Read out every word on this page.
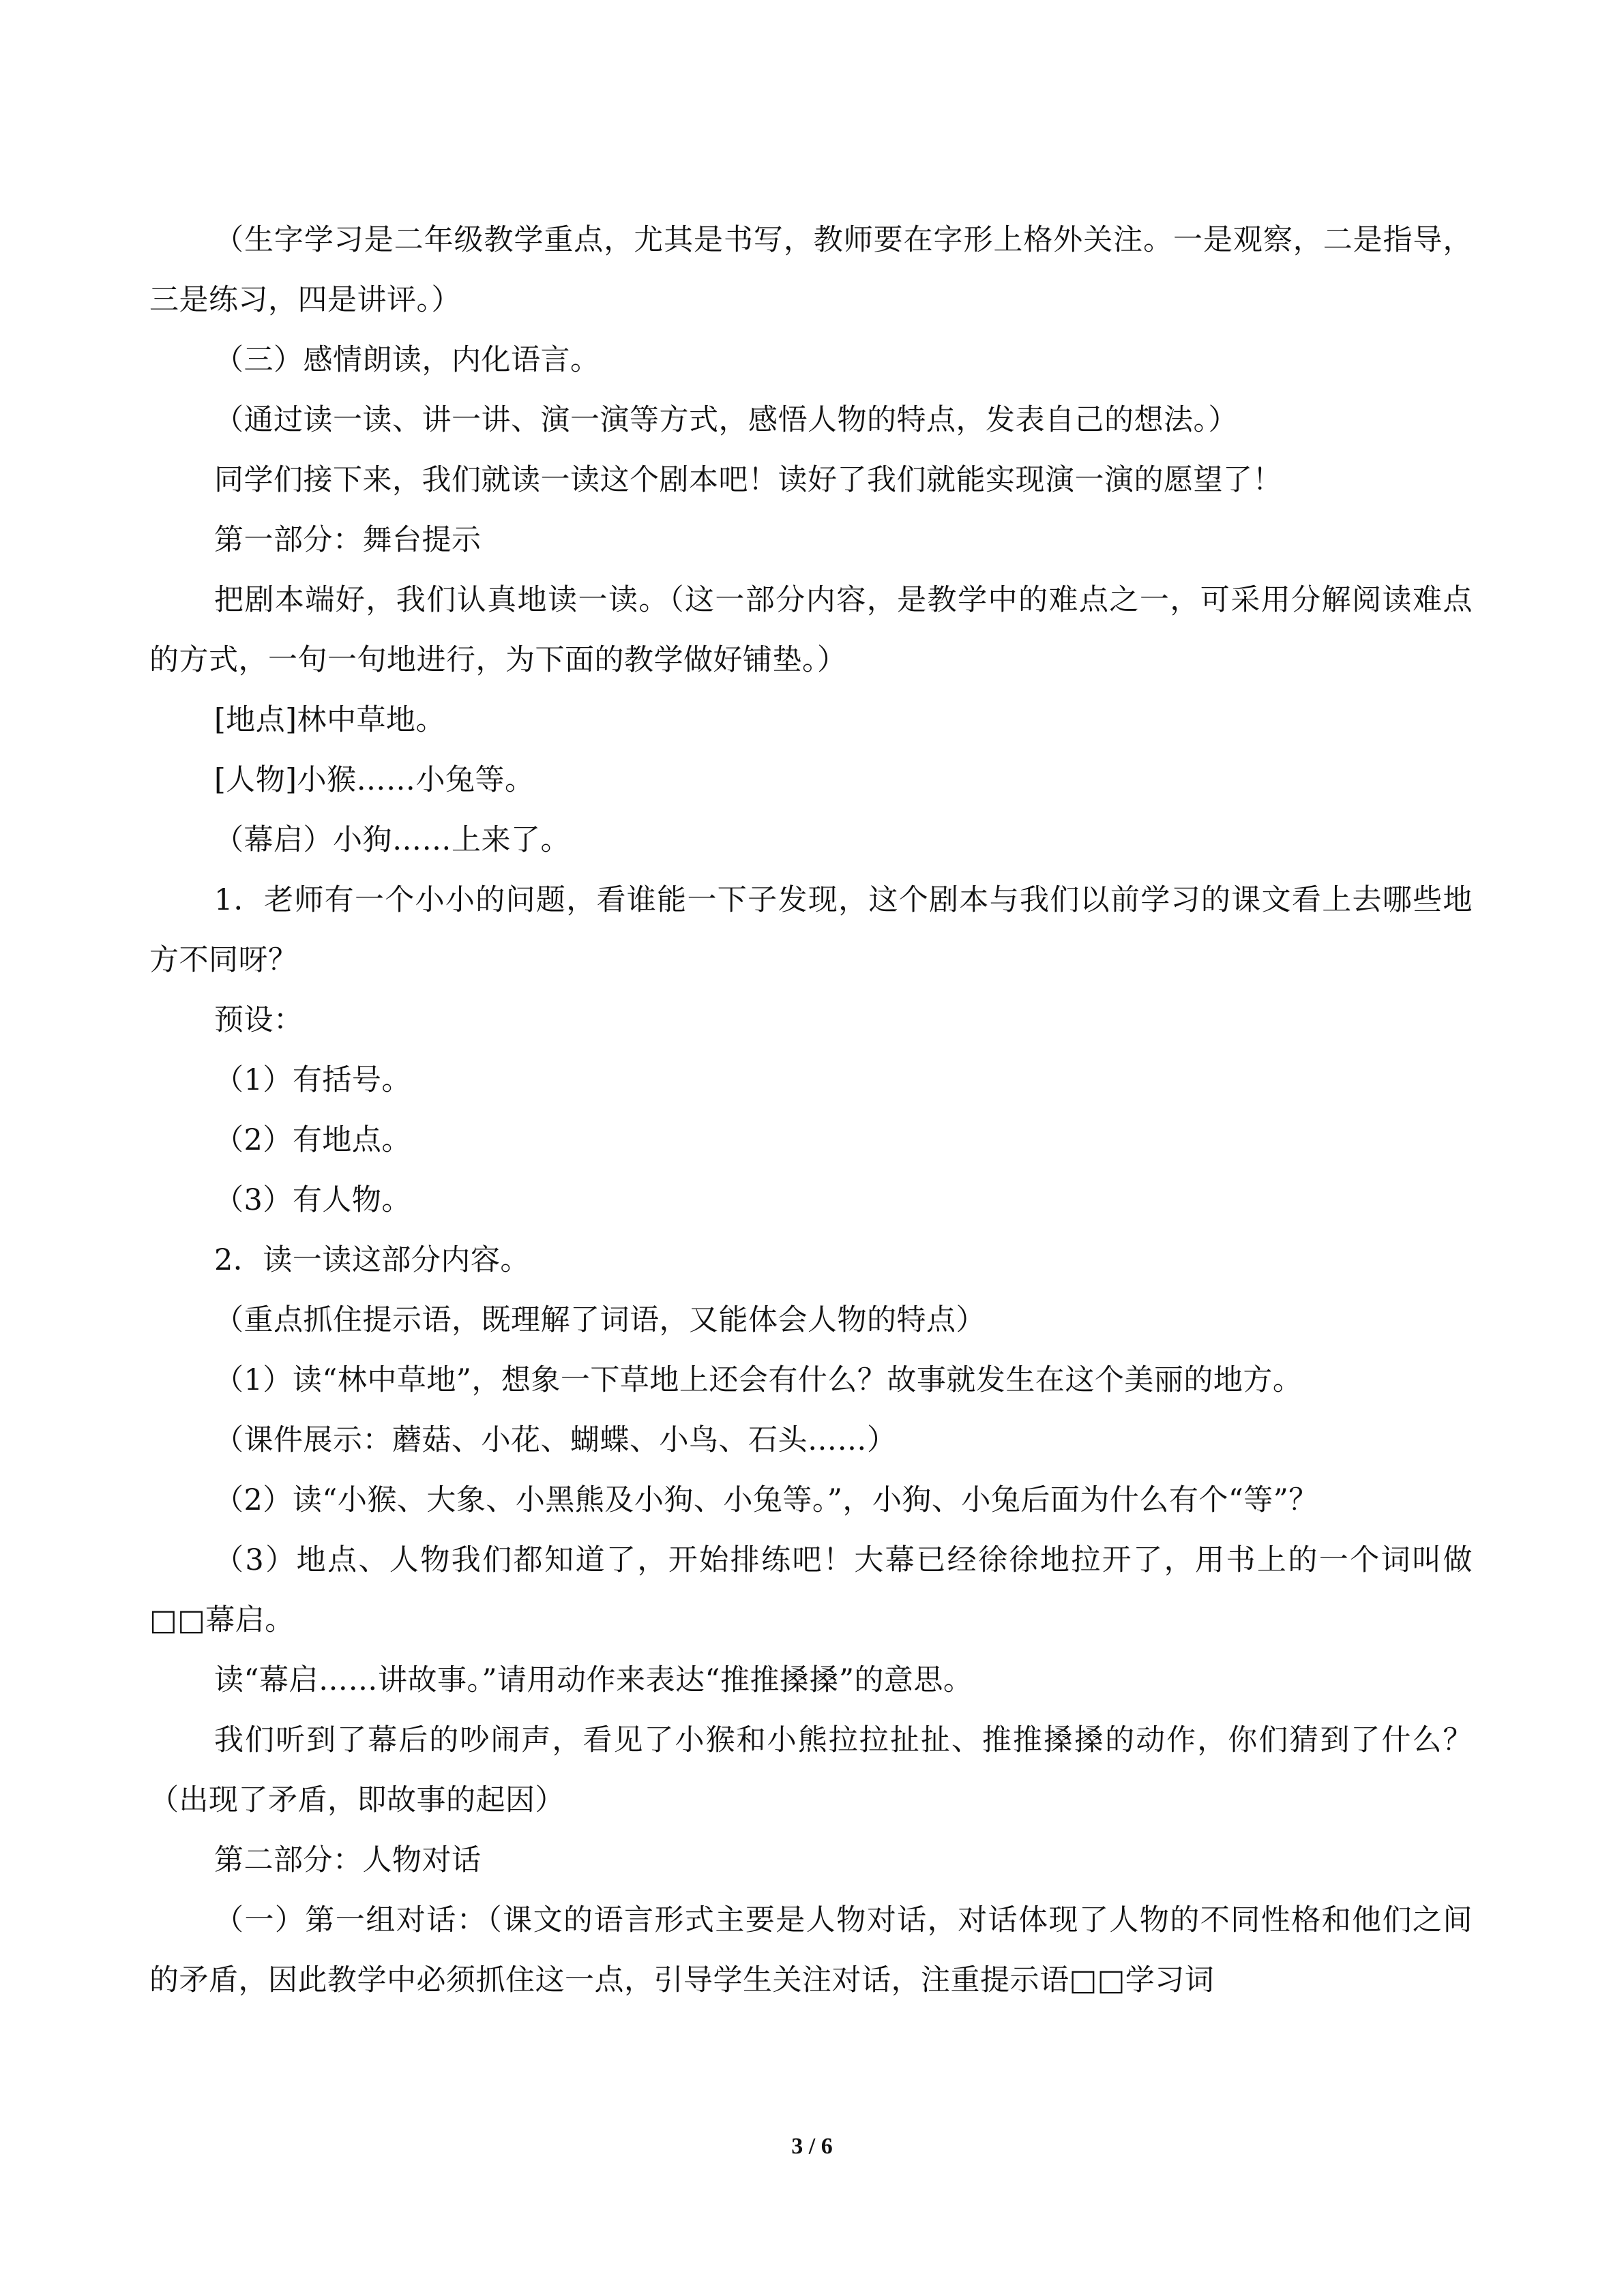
（生字学习是二年级教学重点，尤其是书写，教师要在字形上格外关注。一是观察，二是指导，三是练习，四是讲评。）

（三）感情朗读，内化语言。

（通过读一读、讲一讲、演一演等方式，感悟人物的特点，发表自己的想法。）

同学们接下来，我们就读一读这个剧本吧！读好了我们就能实现演一演的愿望了！

第一部分：舞台提示

把剧本端好，我们认真地读一读。（这一部分内容，是教学中的难点之一，可采用分解阅读难点的方式，一句一句地进行，为下面的教学做好铺垫。）

[地点]林中草地。

[人物]小猴……小兔等。

（幕启）小狗……上来了。

1．老师有一个小小的问题，看谁能一下子发现，这个剧本与我们以前学习的课文看上去哪些地方不同呀？

预设：

（1）有括号。

（2）有地点。

（3）有人物。

2．读一读这部分内容。

（重点抓住提示语，既理解了词语，又能体会人物的特点）

（1）读“林中草地”，想象一下草地上还会有什么？故事就发生在这个美丽的地方。

（课件展示：蘑菇、小花、蝴蝶、小鸟、石头……）

（2）读“小猴、大象、小黑熊及小狗、小兔等。”，小狗、小兔后面为什么有个“等”？

（3）地点、人物我们都知道了，开始排练吧！大幕已经徐徐地拉开了，用书上的一个词叫做□□幕启。

读“幕启……讲故事。”请用动作来表达“推推搡搡”的意思。

我们听到了幕后的吵闹声，看见了小猴和小熊拉拉扯扯、推推搡搡的动作，你们猜到了什么？（出现了矛盾，即故事的起因）

第二部分：人物对话

（一）第一组对话：（课文的语言形式主要是人物对话，对话体现了人物的不同性格和他们之间的矛盾，因此教学中必须抓住这一点，引导学生关注对话，注重提示语□□学习词

3 / 6
